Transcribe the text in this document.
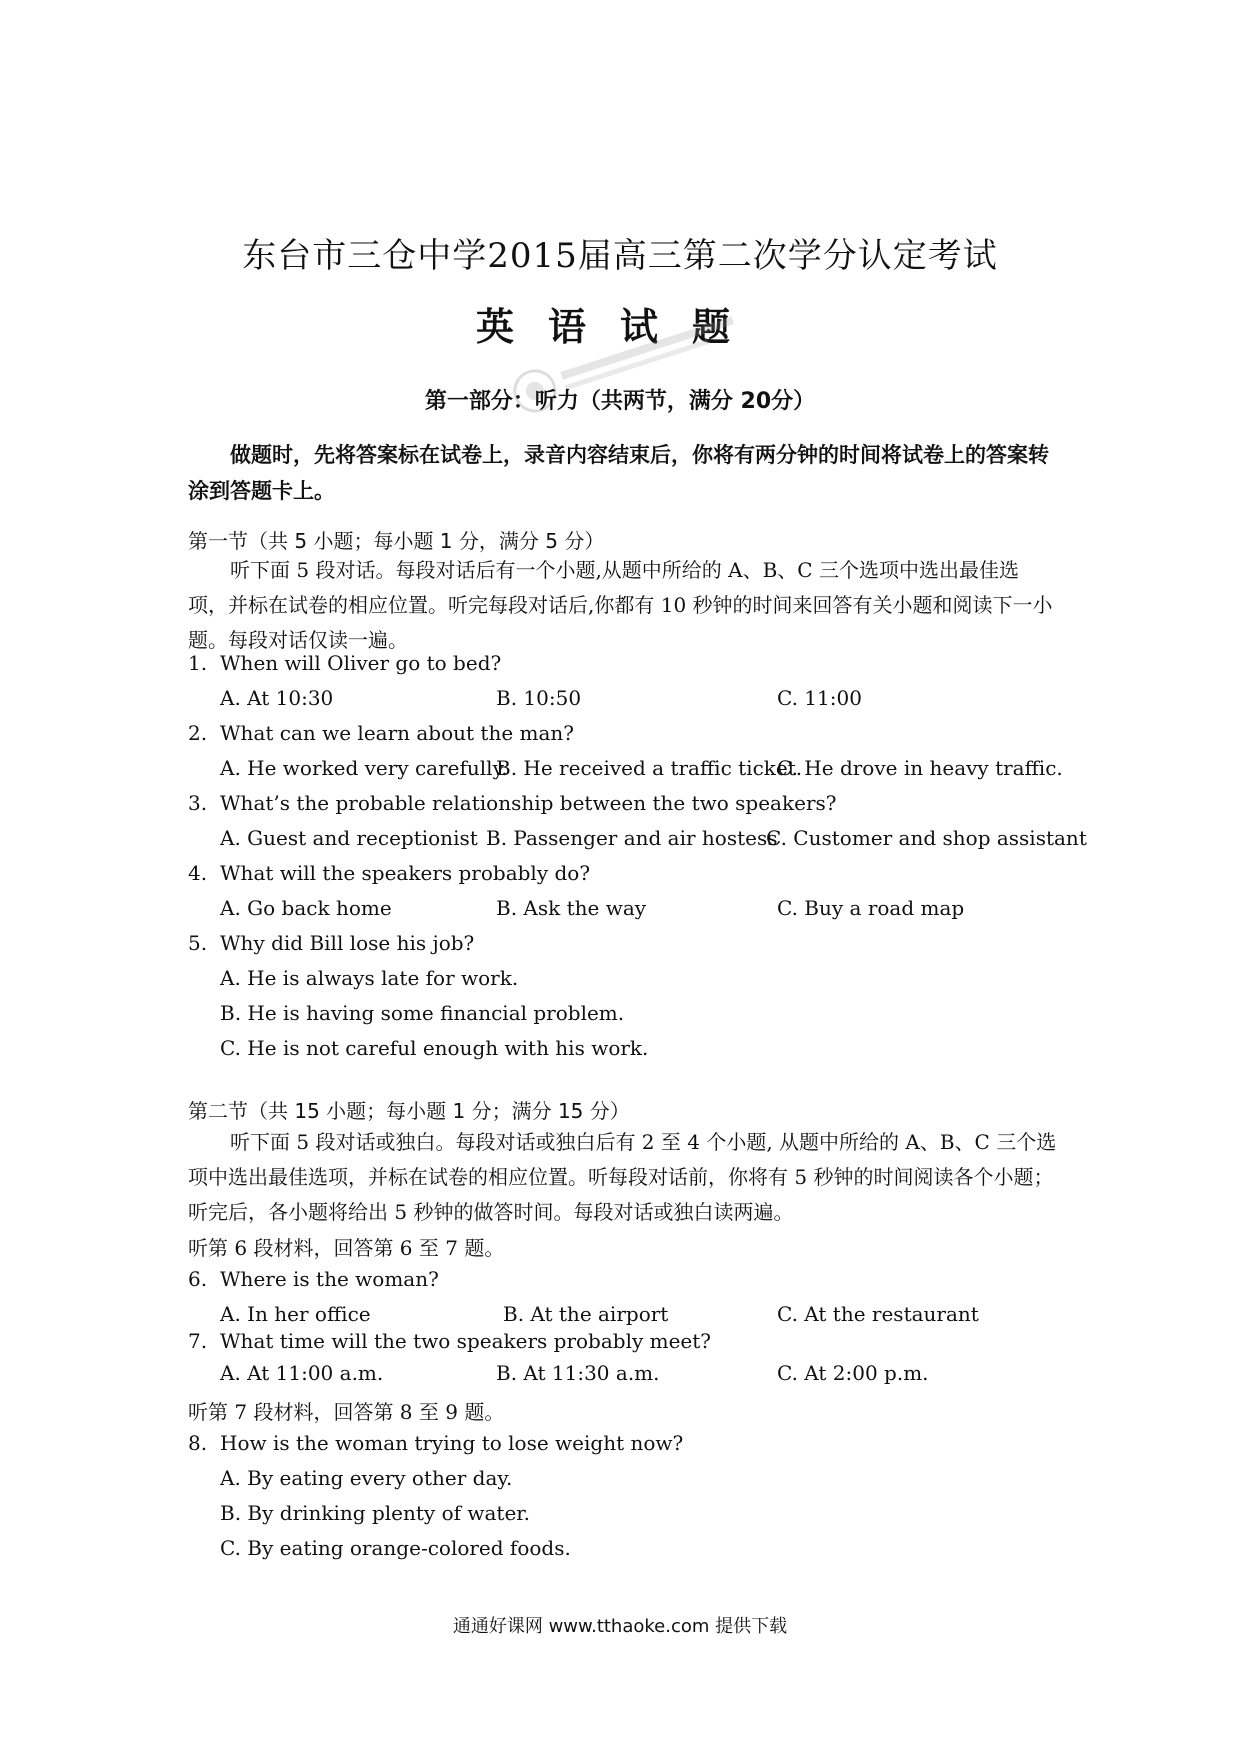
东台市三仓中学2015届高三第二次学分认定考试
英语试题
第一部分：听力（共两节，满分 20分）
做题时，先将答案标在试卷上，录音内容结束后，你将有两分钟的时间将试卷上的答案转涂到答题卡上。
第一节（共 5 小题；每小题 1 分，满分 5 分）
听下面 5 段对话。每段对话后有一个小题,从题中所给的 A、B、C 三个选项中选出最佳选项，并标在试卷的相应位置。听完每段对话后,你都有 10 秒钟的时间来回答有关小题和阅读下一小题。每段对话仅读一遍。
1. When will Oliver go to bed?
A. At 10:30	B. 10:50	C. 11:00
2. What can we learn about the man?
A. He worked very carefully.
B. He received a traffic ticket.
C. He drove in heavy traffic.
3. What’s the probable relationship between the two speakers?
A. Guest and receptionist B. Passenger and air hostess
C. Customer and shop assistant
4. What will the speakers probably do?
A. Go back home	B. Ask the way	C. Buy a road map
5. Why did Bill lose his job?
A. He is always late for work.
B. He is having some financial problem.
C. He is not careful enough with his work.
第二节（共 15 小题；每小题 1 分；满分 15 分）
听下面 5 段对话或独白。每段对话或独白后有 2 至 4 个小题, 从题中所给的 A、B、C 三个选项中选出最佳选项，并标在试卷的相应位置。听每段对话前，你将有 5 秒钟的时间阅读各个小题；听完后，各小题将给出 5 秒钟的做答时间。每段对话或独白读两遍。
听第 6 段材料，回答第 6 至 7 题。
6. Where is the woman?
A. In her office	B. At the airport	C. At the restaurant
7. What time will the two speakers probably meet?
A. At 11:00 a.m.	B. At 11:30 a.m.	C. At 2:00 p.m.
听第 7 段材料，回答第 8 至 9 题。
8. How is the woman trying to lose weight now?
A. By eating every other day.
B. By drinking plenty of water.
C. By eating orange-colored foods.
通通好课网 www.tthaoke.com 提供下载
